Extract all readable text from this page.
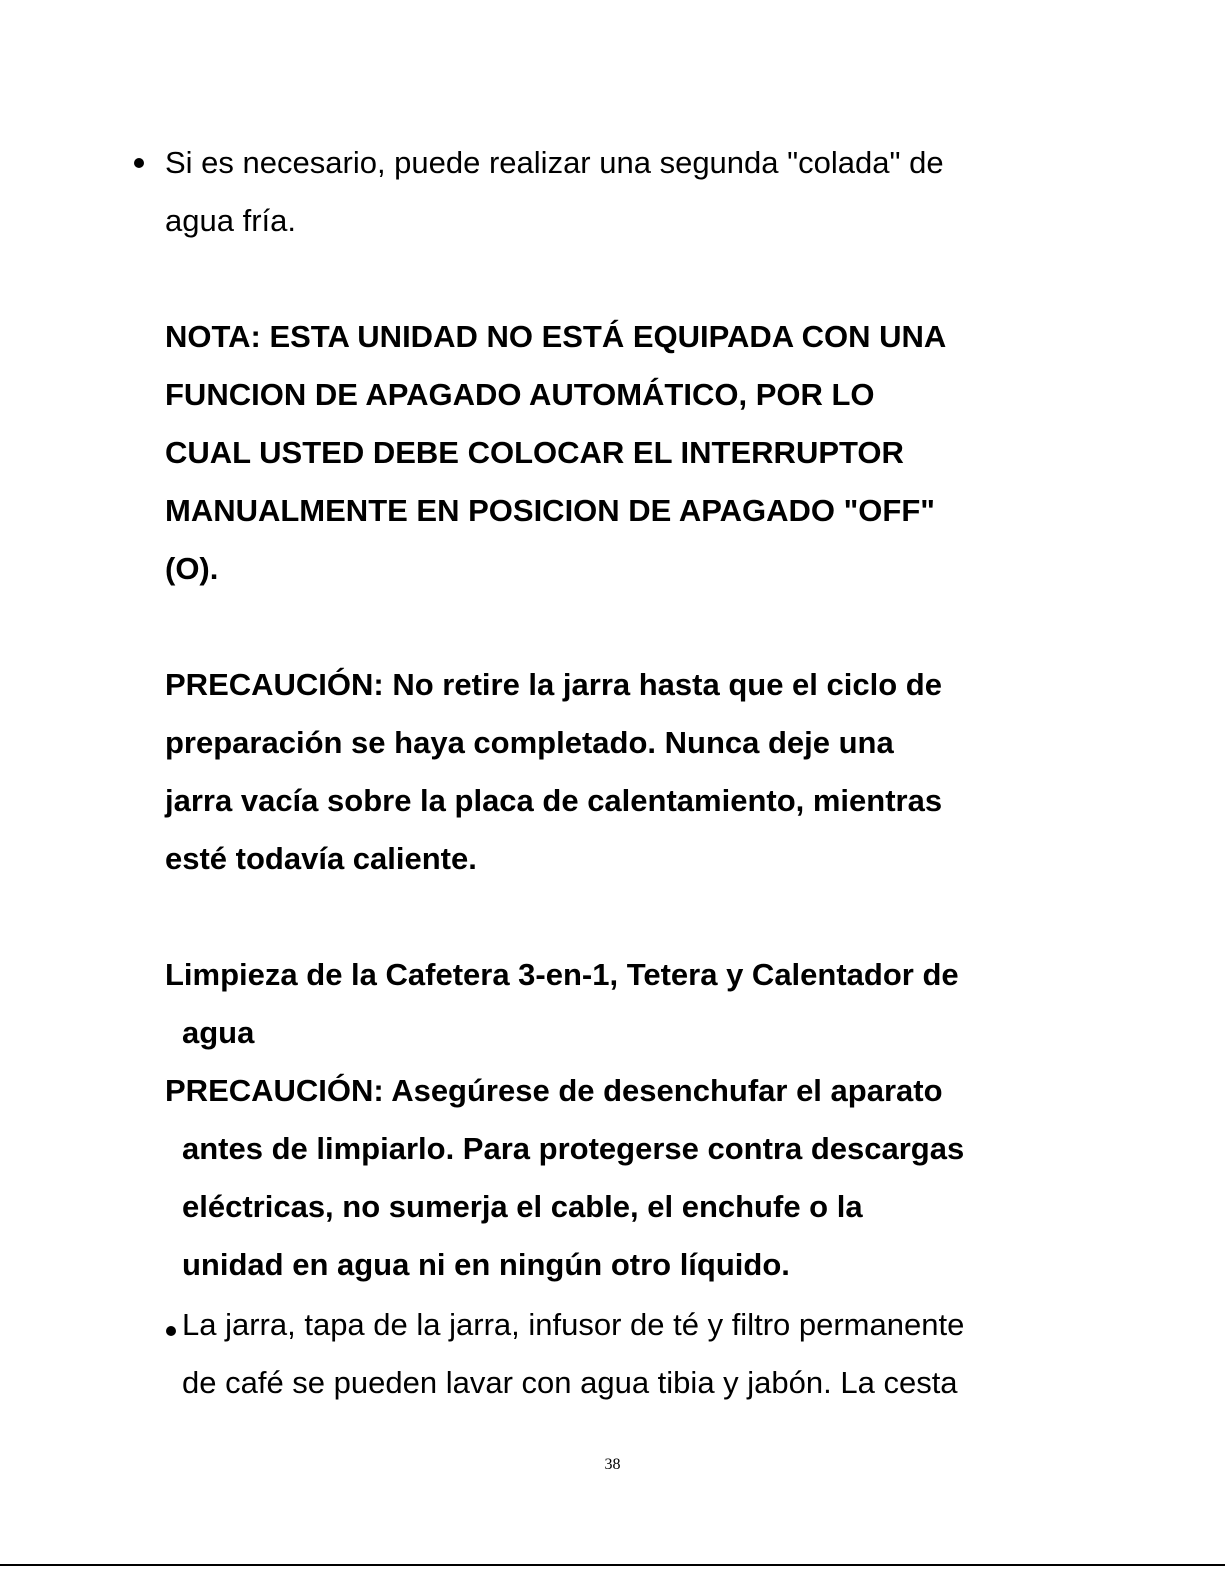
Si es necesario, puede realizar una segunda "colada" de

agua fría.

NOTA: ESTA UNIDAD NO ESTÁ EQUIPADA CON UNA

FUNCION DE APAGADO AUTOMÁTICO, POR LO

CUAL USTED DEBE COLOCAR EL INTERRUPTOR

MANUALMENTE EN POSICION DE APAGADO "OFF"

(O).

PRECAUCIÓN: No retire la jarra hasta que el ciclo de

preparación se haya completado. Nunca deje una

jarra vacía sobre la placa de calentamiento, mientras

esté todavía caliente.

Limpieza de la Cafetera 3-en-1, Tetera y Calentador de

agua

PRECAUCIÓN: Asegúrese de desenchufar el aparato

antes de limpiarlo. Para protegerse contra descargas

eléctricas, no sumerja el cable, el enchufe o la

unidad en agua ni en ningún otro líquido.

La jarra, tapa de la jarra, infusor de té y filtro permanente

de café se pueden lavar con agua tibia y jabón. La cesta

38
